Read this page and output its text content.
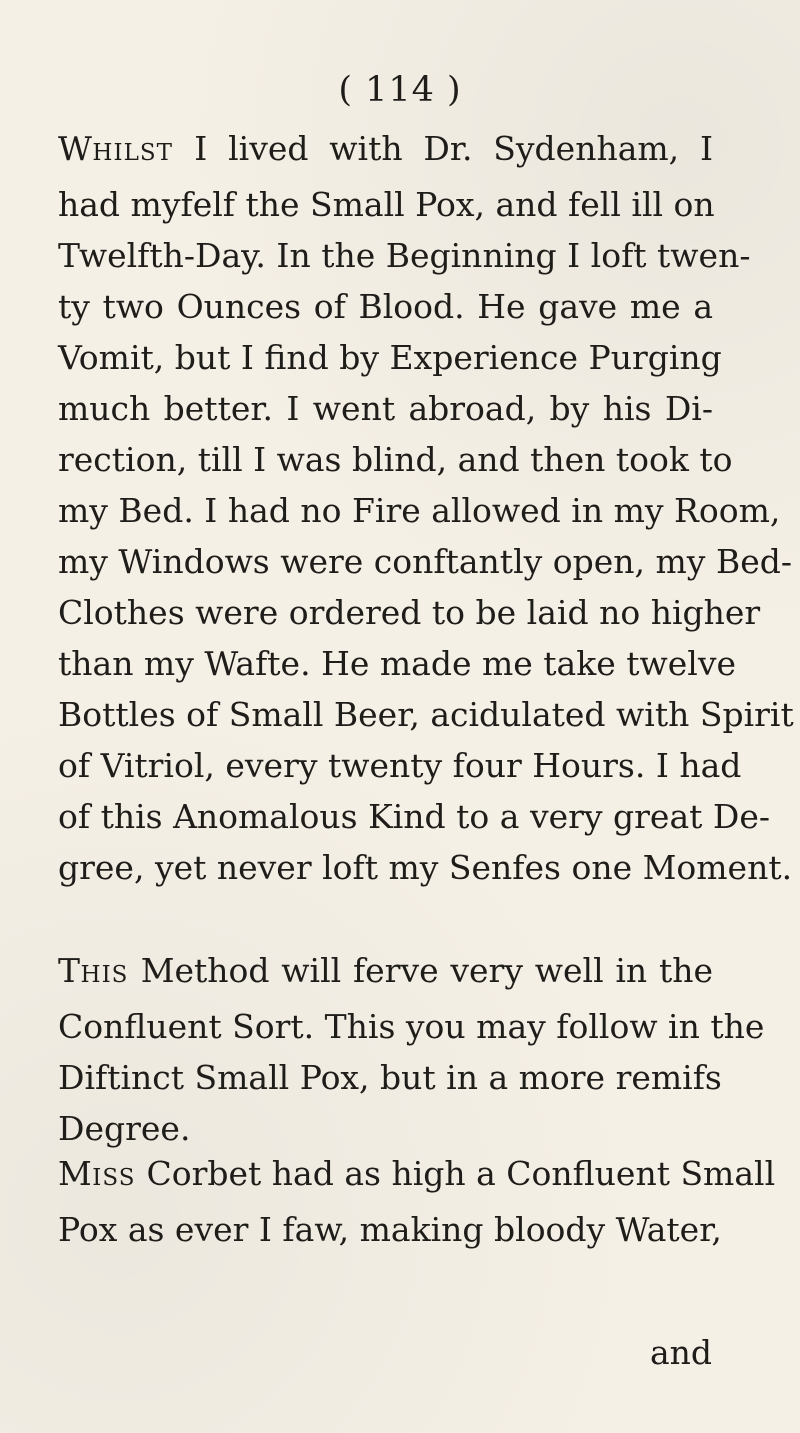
( 114 )
WHILST I lived with Dr. Sydenham, I
had myfelf the Small Pox, and fell ill on
Twelfth-Day. In the Beginning I loft twen-
ty two Ounces of Blood. He gave me a
Vomit, but I find by Experience Purging
much better. I went abroad, by his Di-
rection, till I was blind, and then took to
my Bed. I had no Fire allowed in my Room,
my Windows were conftantly open, my Bed-
Clothes were ordered to be laid no higher
than my Wafte. He made me take twelve
Bottles of Small Beer, acidulated with Spirit
of Vitriol, every twenty four Hours. I had
of this Anomalous Kind to a very great De-
gree, yet never loft my Senfes one Moment.
THIS Method will ferve very well in the
Confluent Sort. This you may follow in the
Diftinct Small Pox, but in a more remifs
Degree.
MISS Corbet had as high a Confluent Small
Pox as ever I faw, making bloody Water,
and
